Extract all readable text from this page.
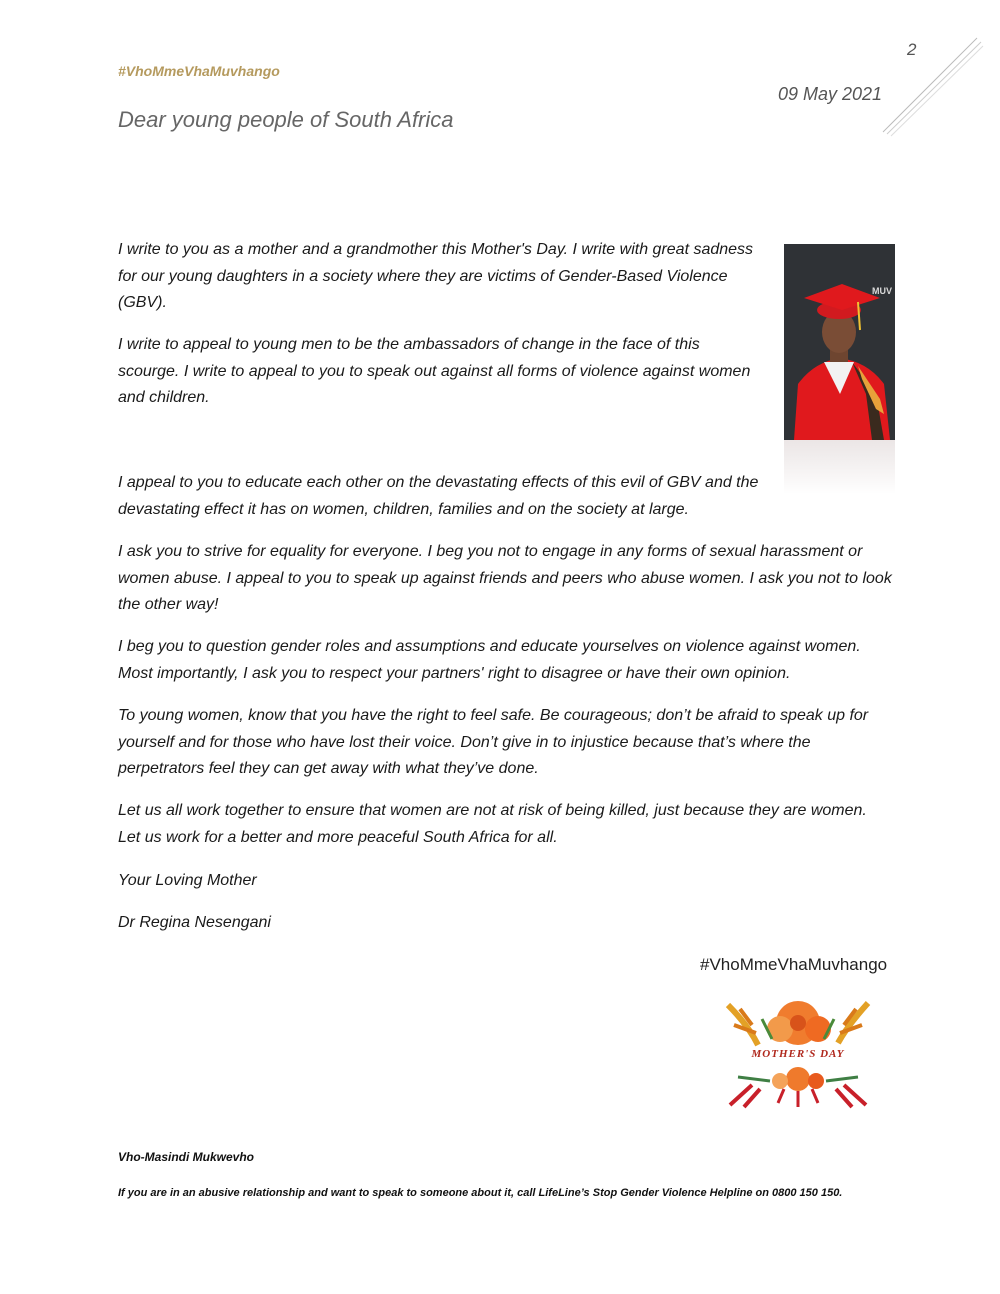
#VhoMmeVhaMuvhango
2
09 May 2021
Dear young people of South Africa

I write to you as a mother and a grandmother this Mother's Day. I write with great sadness for our young daughters in a society where they are victims of Gender-Based Violence (GBV).

I write to appeal to young men to be the ambassadors of change in the face of this scourge. I write to appeal to you to speak out against all forms of violence against women and children.

MUV

I appeal to you to educate each other on the devastating effects of this evil of GBV and the devastating effect it has on women, children, families and on the society at large.

I ask you to strive for equality for everyone. I beg you not to engage in any forms of sexual harassment or women abuse. I appeal to you to speak up against friends and peers who abuse women. I ask you not to look the other way!

I beg you to question gender roles and assumptions and educate yourselves on violence against women. Most importantly, I ask you to respect your partners' right to disagree or have their own opinion.

To young women, know that you have the right to feel safe. Be courageous; don’t be afraid to speak up for yourself and for those who have lost their voice. Don’t give in to injustice because that’s where the perpetrators feel they can get away with what they’ve done.

Let us all work together to ensure that women are not at risk of being killed, just because they are women. Let us work for a better and more peaceful South Africa for all.

Your Loving Mother

Dr Regina Nesengani

#VhoMmeVhaMuvhango
MOTHER'S DAY
Vho-Masindi Mukwevho
If you are in an abusive relationship and want to speak to someone about it, call LifeLine’s Stop Gender Violence Helpline on 0800 150 150.
